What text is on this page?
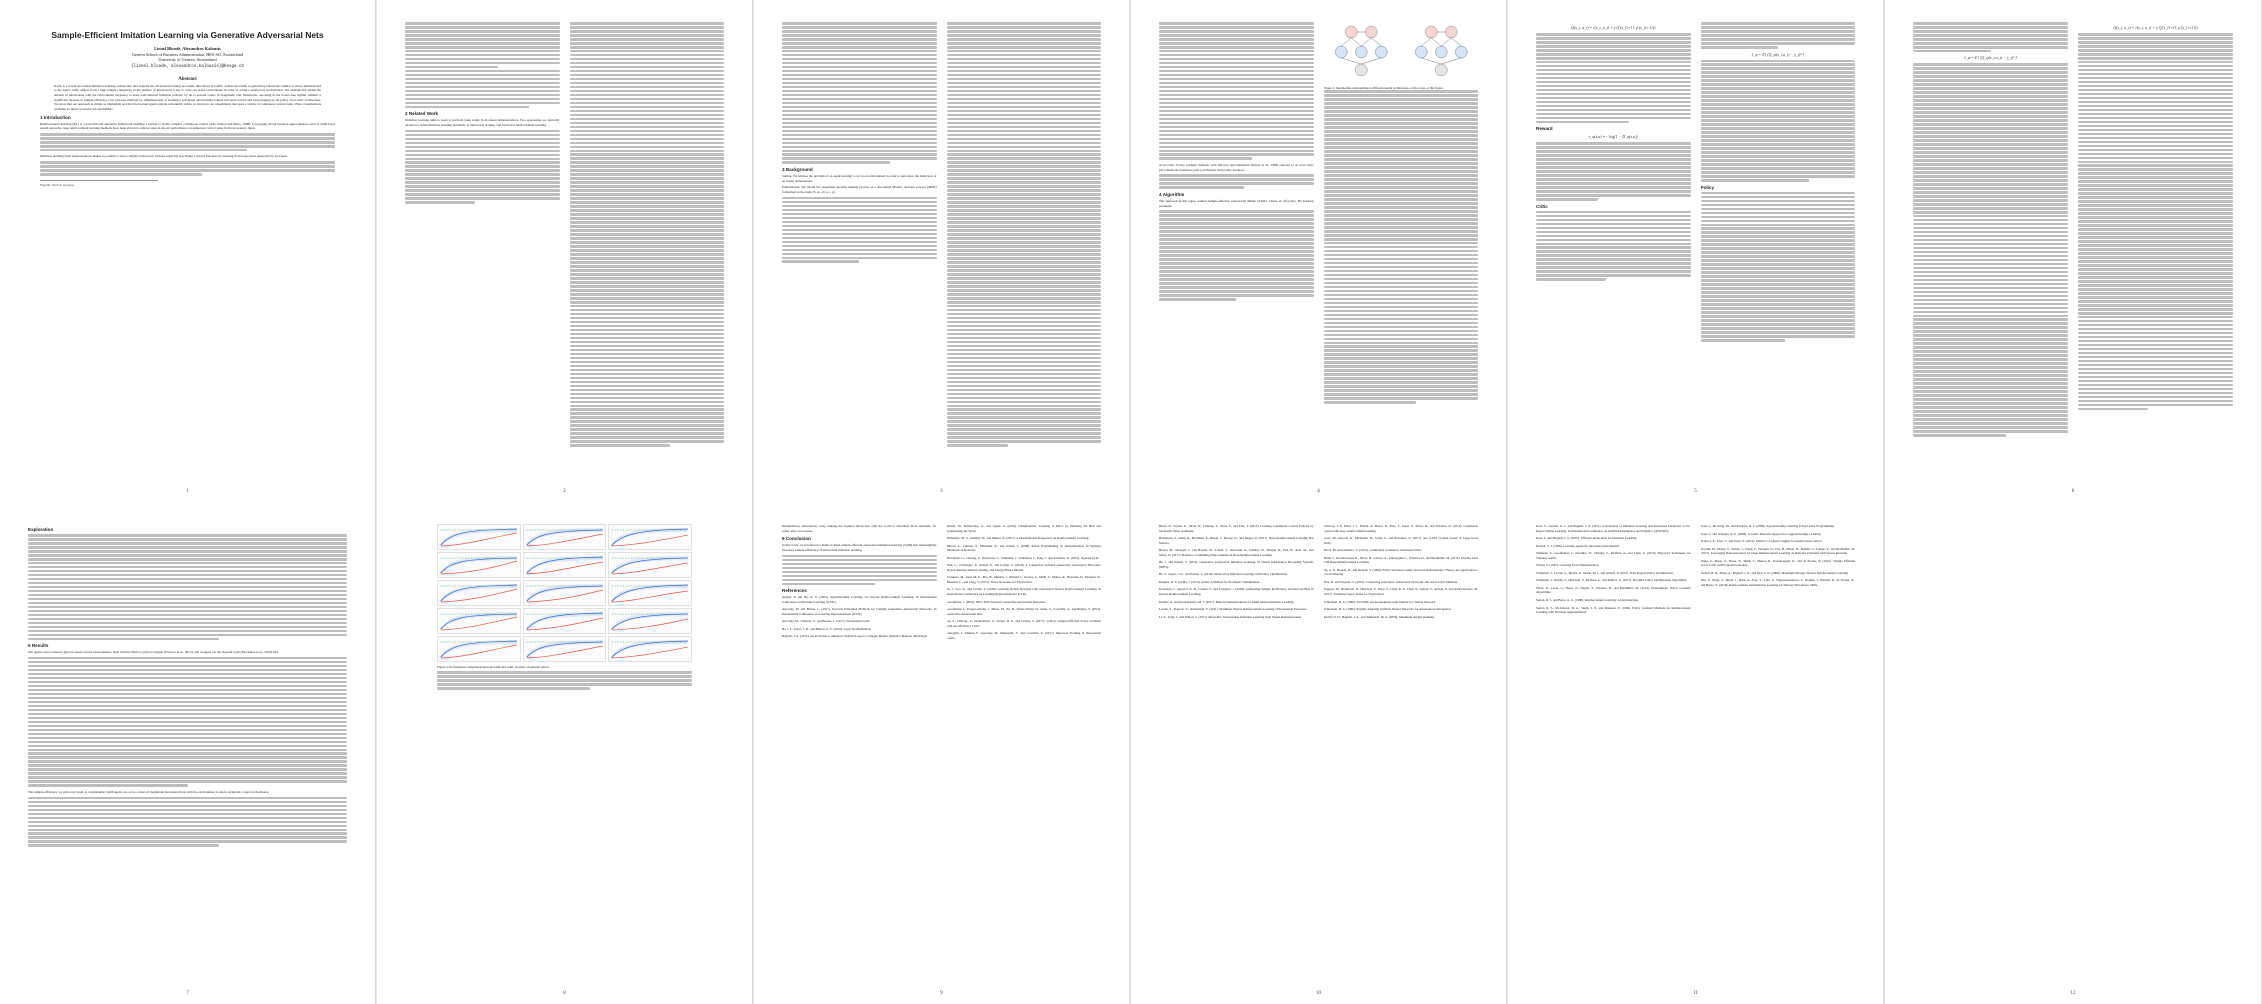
Sample-Efficient Imitation Learning via Generative Adversarial Nets
Lionel Blondé, Alexandros Kalousis
Geneva School of Business Administration, HES-SO, Switzerland
University of Geneva, Switzerland
{lionel.blonde, alexandros.kalousis}@hesge.ch
Abstract
GAIL is a recent successful imitation learning architecture that exploits the adversarial training procedure introduced in GANs. Albeit successful at generating behaviours similar to those demonstrated to the agent, GAIL suffers from a high sample complexity in the number of interactions it has to carry out in the environment in order to achieve satisfactory performance. We dramatically shrink the amount of interactions with the environment necessary to learn well-behaved imitation policies, by up to several orders of magnitude. Our framework, operating in the model-free regime, exhibits a significant increase in sample-efficiency over previous methods by simultaneously a) learning a self-tuned adversarially-trained surrogate reward and b) leveraging an off-policy actor-critic architecture. We show that our approach is simple to implement and that the learned agents remain remarkably stable, as shown in our experiments that span a variety of continuous control tasks. Video visualisations available at: https://youtu.be/-nCsqUJnRKU.
1 Introduction
Reinforcement learning (RL) is a powerful and extensive framework enabling a learner to tackle complex continuous control tasks (Sutton and Barto, 1998). Leveraging strong function approximators such as multi-layer neural networks, deep reinforcement learning methods have been shown to achieve state-of-the-art performance on numerous control tasks from raw sensory input.
Imitation learning from demonstrations makes it possible to teach complex behaviours without explicitly specifying a reward function, by learning from trajectories generated by an expert.
Preprint. Work in progress.
1
2 Related Work
Imitation learning aims to learn to perform tasks solely from expert demonstrations. Two approaches are typically adopted to tackle imitation learning problems: a) behavioral cloning, and b) inverse reinforcement learning.
2
3 Background
Setting. We address the problem of an agent learning to act in an environment in order to reproduce the behaviour of an expert demonstrator.
Preliminaries. We model the sequential decision making process as a discounted Markov decision process (MDP) formalised as the tuple (S, A, ρ0, p, r, γ).
3
Actor-critic. Policy gradient methods with function approximation (Sutton et al., 1999) referred to as actor-critic (AC) methods, interleave policy evaluation with policy iteration.
4 Algorithm
The approach in this paper, named Sample-efficient Adversarial Mimic (SAM), adopts an off-policy TD learning paradigm.
Figure 1: Intermodule relationships in different neural architectures of the scope of this figure.
4
Q(s_t, a_t) = r(s_t, a_t) + γ Q'(s_{t+1}, μ'(s_{t+1}))
Reward
r_φ(s,a) = −log(1 − D_φ(s,a))
Critic
ℓ_ψ = E[ (Q_ψ(s_t,a_t) − y_t)² ]
Policy
5
ℓ_ψ = E[ (Q_ψ(s_t,a_t) − y_t)² ]
Q(s_t, a_t) = r(s_t, a_t) + γ Q'(s_{t+1}, μ'(s_{t+1}))
6
Exploration
5 Results
Our agents were trained in physics-based control environments, built with the MuJoCo physics engine (Todorov et al., 2012), and wrapped via the OpenAI Gym (Brockman et al., 2016) API.
The sample-efficiency we gain over GAIL is considerable: SAM needs one or two orders of magnitude less interactions with the environment to attain asymptotic expert performance.
7
Figure 2: Performance comparison between SAM and GAIL in terms of episodic return.
8
manipulation, autonomous cars), making the required interaction with the world to extremely more desirable, for safety and cost reasons.
6 Conclusion
In this work, we introduced a method called sample-efficient adversarial imitation learning (SAM) that meaningfully increases sample-efficiency of adversarial imitation learning.
References
Abbeel, P. and Ng, A. Y. (2004). Apprenticeship Learning via Inverse Reinforcement Learning. In International Conference on Machine Learning (ICML).
Arjovsky, M. and Bottou, L. (2017). Towards Principled Methods for Training Generative Adversarial Networks. In International Conference on Learning Representations (ICLR).
Arjovsky, M., Chintala, S., and Bottou, L. (2017). Wasserstein GAN.
Ba, J. L., Kiros, J. R., and Hinton, G. E. (2016). Layer Normalization.
Bagnell, J. A. (2015). An invitation to imitation. Technical report, Carnegie Mellon, Robotics Institute, Pittsburgh.
Bansal, M., Krizhevsky, A., and Ogale, A. (2018). ChauffeurNet: Learning to Drive by Imitating the Best and Synthesizing the Worst.
Bellemare, M. G., Dabney, W., and Munos, R. (2017). A Distributional Perspective on Reinforcement Learning.
Billard, A., Calinon, S., Dillmann, R., and Schaal, S. (2008). Robot Programming by Demonstration. In Springer Handbook of Robotics.
Brockman, G., Cheung, V., Pettersson, L., Schneider, J., Schulman, J., Tang, J., and Zaremba, W. (2016). OpenAI Gym.
Finn, C., Christiano, P., Abbeel, P., and Levine, S. (2016). A Connection between Generative Adversarial Networks, Inverse Reinforcement Learning, and Energy-Based Models.
Fortunato, M., Azar, M. G., Piot, B., Menick, J., Osband, I., Graves, A., Mnih, V., Munos, R., Hassabis, D., Pietquin, O., Blundell, C., and Legg, S. (2017). Noisy Networks for Exploration.
Fu, J., Luo, K., and Levine, S. (2018). Learning Robust Rewards with Adversarial Inverse Reinforcement Learning. In International Conference on Learning Representations (ICLR).
Goodfellow, I. (2016). NIPS 2016 Tutorial: Generative Adversarial Networks.
Goodfellow, I., Pouget-Abadie, J., Mirza, M., Xu, B., Warde-Farley, D., Ozair, S., Courville, A., and Bengio, Y. (2014). Generative Adversarial Nets.
Gu, S., Lillicrap, T., Ghahramani, Z., Turner, R. E., and Levine, S. (2017). Q-Prop: Sample-Efficient Policy Gradient with An Off-Policy Critic.
Gulrajani, I., Ahmed, F., Arjovsky, M., Dumoulin, V., and Courville, A. (2017). Improved Training of Wasserstein GANs.
9
Heess, N., Wayne, G., Silver, D., Lillicrap, T., Tassa, Y., and Erez, T. (2015). Learning Continuous Control Policies by Stochastic Value Gradients.
Henderson, P., Islam, R., Bachman, P., Pineau, J., Precup, D., and Meger, D. (2017). Deep Reinforcement Learning that Matters.
Hessel, M., Modayil, J., van Hasselt, H., Schaul, T., Ostrovski, G., Dabney, W., Horgan, D., Piot, B., Azar, M., and Silver, D. (2017). Rainbow: Combining Improvements in Deep Reinforcement Learning.
Ho, J. and Ermon, S. (2016). Generative Adversarial Imitation Learning. In Neural Information Processing Systems (NIPS).
Ho, J., Gupta, J. K., and Ermon, S. (2016). Model-Free Imitation Learning with Policy Optimization.
Kingma, D. P. and Ba, J. (2014). Adam: A Method for Stochastic Optimization.
Kostrikov, I., Agrawal, K. K., Levine, S., and Tompson, J. (2018). Addressing Sample Inefficiency and Reward Bias in Inverse Reinforcement Learning.
Kuefler, A. and Kochenderfer, M. J. (2017). Burn-In Demonstrations for Multi-Modal Imitation Learning.
Levine, S., Popovic, Z., and Koltun, V. (2011). Nonlinear Inverse Reinforcement Learning with Gaussian Processes.
Li, Y., Song, J., and Ermon, S. (2017). InfoGAIL: Interpretable Imitation Learning from Visual Demonstrations.
Lillicrap, T. P., Hunt, J. J., Pritzel, A., Heess, N., Erez, T., Tassa, Y., Silver, D., and Wierstra, D. (2016). Continuous control with deep reinforcement learning.
Lucic, M., Kurach, K., Michalski, M., Gelly, S., and Bousquet, O. (2017). Are GANs Created Equal? A Large-Scale Study.
Mirza, M. and Osindero, S. (2014). Conditional Generative Adversarial Nets.
Mnih, V., Kavukcuoglu, K., Silver, D., Graves, A., Antonoglou, I., Wierstra, D., and Riedmiller, M. (2013). Playing Atari with Deep Reinforcement Learning.
Ng, A. Y., Harada, D., and Russell, S. (1999). Policy invariance under reward transformations: Theory and application to reward shaping.
Pfau, D. and Vinyals, O. (2016). Connecting Generative Adversarial Networks and Actor-Critic Methods.
Plappert, M., Houthooft, R., Dhariwal, P., Sidor, S., Chen, R. Y., Chen, X., Asfour, T., Abbeel, P., and Andrychowicz, M. (2017). Parameter Space Noise for Exploration.
Pomerleau, D. A. (1989). ALVINN: An Autonomous Land Vehicle in a Neural Network.
Pomerleau, D. A. (1990). Rapidly Adapting Artificial Neural Networks for Autonomous Navigation.
Ratliff, N. D., Bagnell, J. A., and Zinkevich, M. A. (2006). Maximum margin planning.
10
Ross, S., Gordon, G. J., and Bagnell, J. A. (2011). A Reduction of Imitation Learning and Structured Prediction to No-Regret Online Learning. In International Conference on Artificial Intelligence and Statistics (AISTATS).
Ross, S. and Bagnell, J. A. (2010). Efficient Reductions for Imitation Learning.
Russell, S. J. (1998). Learning agents for uncertain environments.
Salimans, T., Goodfellow, I., Zaremba, W., Cheung, V., Radford, A., and Chen, X. (2016). Improved Techniques for Training GANs.
Schaal, S. (1997). Learning From Demonstration.
Schulman, J., Levine, S., Moritz, P., Jordan, M. I., and Abbeel, P. (2015). Trust Region Policy Optimization.
Schulman, J., Wolski, F., Dhariwal, P., Radford, A., and Klimov, O. (2017). Proximal Policy Optimization Algorithms.
Silver, D., Lever, G., Heess, N., Degris, T., Wierstra, D., and Riedmiller, M. (2014). Deterministic Policy Gradient Algorithms.
Sutton, R. S. and Barto, A. G. (1998). Reinforcement Learning: An Introduction.
Sutton, R. S., McAllester, D. A., Singh, S. P., and Mansour, Y. (1999). Policy Gradient Methods for Reinforcement Learning with Function Approximation.
Syed, U., Bowling, M., and Schapire, R. E. (2008). Apprenticeship Learning Using Linear Programming.
Syed, U. and Schapire, R. E. (2008). A Game-Theoretic Approach to Apprenticeship Learning.
Todorov, E., Erez, T., and Tassa, Y. (2012). MuJoCo: A physics engine for model-based control.
Vecerik, M., Hester, T., Scholz, J., Wang, F., Pietquin, O., Piot, B., Heess, N., Rothörl, T., Lampe, T., and Riedmiller, M. (2017). Leveraging Demonstrations for Deep Reinforcement Learning on Robotics Problems with Sparse Rewards.
Wang, Z., Bapst, V., Heess, N., Mnih, V., Munos, R., Kavukcuoglu, K., and de Freitas, N. (2016). Sample Efficient Actor-Critic with Experience Replay.
Ziebart, B. D., Maas, A., Bagnell, J. A., and Dey, A. K. (2008). Maximum Entropy Inverse Reinforcement Learning.
Zhu, Y., Wang, Z., Merel, J., Rusu, A., Erez, T., Cabi, S., Tunyasuvunakool, S., Kramár, J., Hadsell, R., de Freitas, N., and Heess, N. (2018). Reinforcement and Imitation Learning for Diverse Visuomotor Skills.
11	12
